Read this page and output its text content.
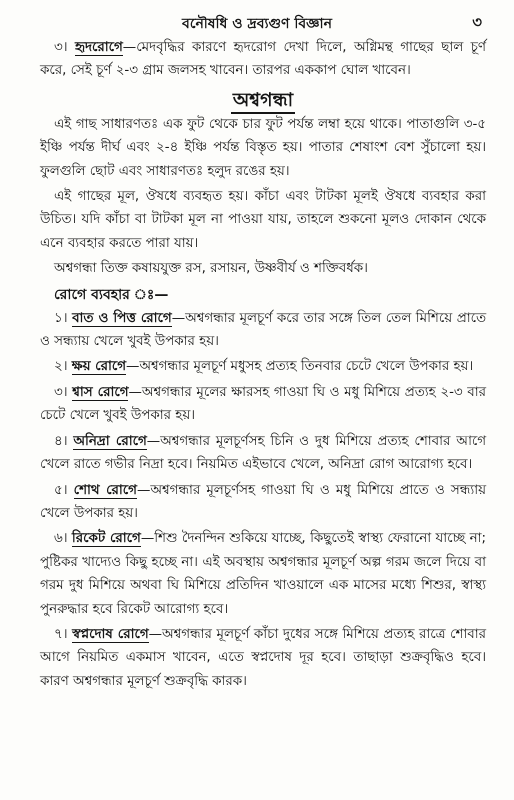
বনৌষধি ও দ্রব্যগুণ বিজ্ঞান	৩

৩। হৃদরোগে—মেদবৃদ্ধির কারণে হৃদরোগ দেখা দিলে, অগ্নিমন্থ গাছের ছাল চূর্ণ করে, সেই চূর্ণ ২-৩ গ্রাম জলসহ খাবেন। তারপর এককাপ ঘোল খাবেন।

অশ্বগন্ধা

এই গাছ সাধারণতঃ এক ফুট থেকে চার ফুট পর্যন্ত লম্বা হয়ে থাকে। পাতাগুলি ৩-৫ ইঞ্চি পর্যন্ত দীর্ঘ এবং ২-৪ ইঞ্চি পর্যন্ত বিস্তৃত হয়। পাতার শেষাংশ বেশ সুঁচালো হয়। ফুলগুলি ছোট এবং সাধারণতঃ হলুদ রঙের হয়।

এই গাছের মূল, ঔষধে ব্যবহৃত হয়। কাঁচা এবং টাটকা মূলই ঔষধে ব্যবহার করা উচিত। যদি কাঁচা বা টাটকা মূল না পাওয়া যায়, তাহলে শুকনো মূলও দোকান থেকে এনে ব্যবহার করতে পারা যায়।

অশ্বগন্ধা তিক্ত কষায়যুক্ত রস, রসায়ন, উষ্ণবীর্য ও শক্তিবর্ধক।

রোগে ব্যবহার ঃ—

১। বাত ও পিত্ত রোগে—অশ্বগন্ধার মূলচূর্ণ করে তার সঙ্গে তিল তেল মিশিয়ে প্রাতে ও সন্ধ্যায় খেলে খুবই উপকার হয়।

২। ক্ষয় রোগে—অশ্বগন্ধার মূলচূর্ণ মধুসহ প্রত্যহ তিনবার চেটে খেলে উপকার হয়।

৩। শ্বাস রোগে—অশ্বগন্ধার মূলের ক্ষারসহ গাওয়া ঘি ও মধু মিশিয়ে প্রত্যহ ২-৩ বার চেটে খেলে খুবই উপকার হয়।

৪। অনিদ্রা রোগে—অশ্বগন্ধার মূলচূর্ণসহ চিনি ও দুধ মিশিয়ে প্রত্যহ শোবার আগে খেলে রাতে গভীর নিদ্রা হবে। নিয়মিত এইভাবে খেলে, অনিদ্রা রোগ আরোগ্য হবে।

৫। শোথ রোগে—অশ্বগন্ধার মূলচূর্ণসহ গাওয়া ঘি ও মধু মিশিয়ে প্রাতে ও সন্ধ্যায় খেলে উপকার হয়।

৬। রিকেট রোগে—শিশু দৈনন্দিন শুকিয়ে যাচ্ছে, কিছুতেই স্বাস্থ্য ফেরানো যাচ্ছে না; পুষ্টিকর খাদ্যেও কিছু হচ্ছে না। এই অবস্থায় অশ্বগন্ধার মূলচূর্ণ অল্প গরম জলে দিয়ে বা গরম দুধ মিশিয়ে অথবা ঘি মিশিয়ে প্রতিদিন খাওয়ালে এক মাসের মধ্যে শিশুর, স্বাস্থ্য পুনরুদ্ধার হবে রিকেট আরোগ্য হবে।

৭। স্বপ্নদোষ রোগে—অশ্বগন্ধার মূলচূর্ণ কাঁচা দুধের সঙ্গে মিশিয়ে প্রত্যহ রাত্রে শোবার আগে নিয়মিত একমাস খাবেন, এতে স্বপ্নদোষ দূর হবে। তাছাড়া শুক্রবৃদ্ধিও হবে। কারণ অশ্বগন্ধার মূলচূর্ণ শুক্রবৃদ্ধি কারক।
